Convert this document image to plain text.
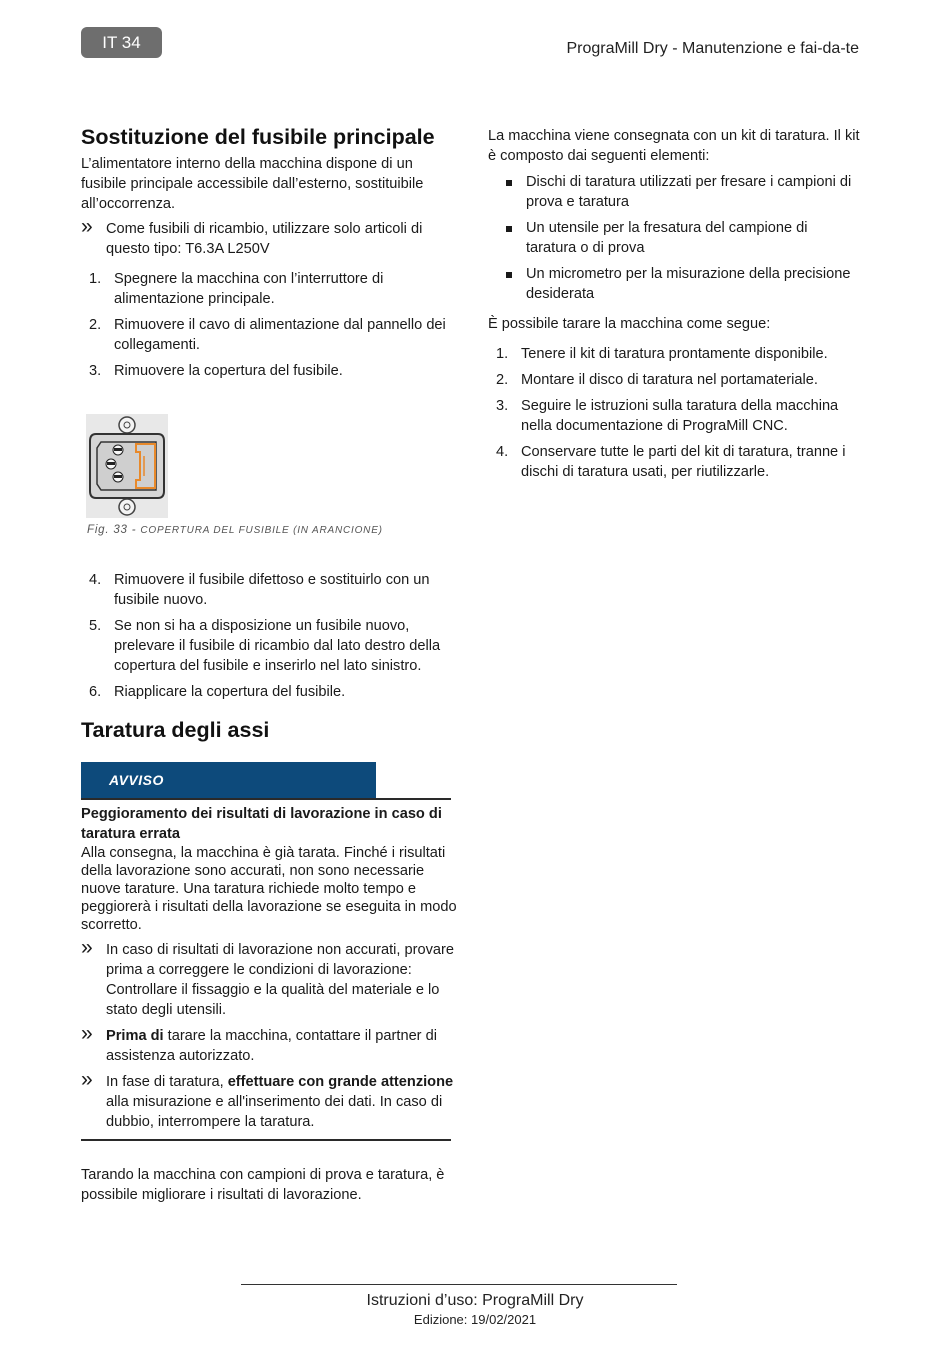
IT 34	PrograMill Dry - Manutenzione e fai-da-te
Sostituzione del fusibile principale

L’alimentatore interno della macchina dispone di un fusibile principale accessibile dall’esterno, sostituibile all’occorrenza.

» Come fusibili di ricambio, utilizzare solo articoli di questo tipo: T6.3A L250V
1. Spegnere la macchina con l’interruttore di alimentazione principale.
2. Rimuovere il cavo di alimentazione dal pannello dei collegamenti.
3. Rimuovere la copertura del fusibile.
Fig. 33 - COPERTURA DEL FUSIBILE (IN ARANCIONE)
4. Rimuovere il fusibile difettoso e sostituirlo con un fusibile nuovo.
5. Se non si ha a disposizione un fusibile nuovo, prelevare il fusibile di ricambio dal lato destro della copertura del fusibile e inserirlo nel lato sinistro.
6. Riapplicare la copertura del fusibile.
Taratura degli assi
AVVISO

Peggioramento dei risultati di lavorazione in caso di taratura errata

Alla consegna, la macchina è già tarata. Finché i risultati della lavorazione sono accurati, non sono necessarie nuove tarature. Una taratura richiede molto tempo e peggiorerà i risultati della lavorazione se eseguita in modo scorretto.

» In caso di risultati di lavorazione non accurati, provare prima a correggere le condizioni di lavorazione: Controllare il fissaggio e la qualità del materiale e lo stato degli utensili.
» Prima di tarare la macchina, contattare il partner di assistenza autorizzato.
» In fase di taratura, effettuare con grande attenzione alla misurazione e all'inserimento dei dati. In caso di dubbio, interrompere la taratura.

Tarando la macchina con campioni di prova e taratura, è possibile migliorare i risultati di lavorazione.

La macchina viene consegnata con un kit di taratura. Il kit è composto dai seguenti elementi:

Dischi di taratura utilizzati per fresare i campioni di prova e taratura
Un utensile per la fresatura del campione di taratura o di prova
Un micrometro per la misurazione della precisione desiderata

È possibile tarare la macchina come segue:

1. Tenere il kit di taratura prontamente disponibile.
2. Montare il disco di taratura nel portamateriale.
3. Seguire le istruzioni sulla taratura della macchina nella documentazione di PrograMill CNC.
4. Conservare tutte le parti del kit di taratura, tranne i dischi di taratura usati, per riutilizzarle.
Istruzioni d’uso: PrograMill Dry
Edizione: 19/02/2021
